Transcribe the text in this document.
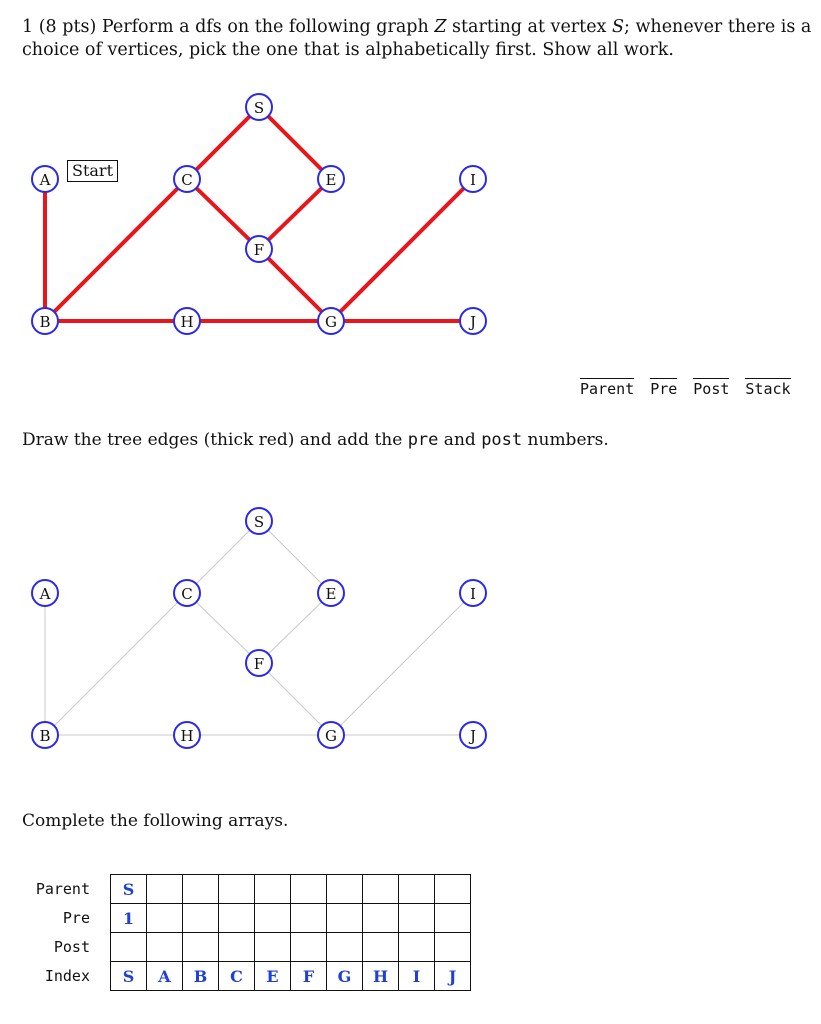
1 (8 pts) Perform a dfs on the following graph Z starting at vertex S; whenever there is a choice of vertices, pick the one that is alphabetically first. Show all work.

S
A	C	E	I
F
B	H	G	J
Start
Parent Pre Post Stack

Draw the tree edges (thick red) and add the pre and post numbers.

S
A	C	E	I
F
B	H	G	J

Complete the following arrays.

Parent	S									
Pre	1									
Post										
Index	S	A	B	C	E	F	G	H	I	J
